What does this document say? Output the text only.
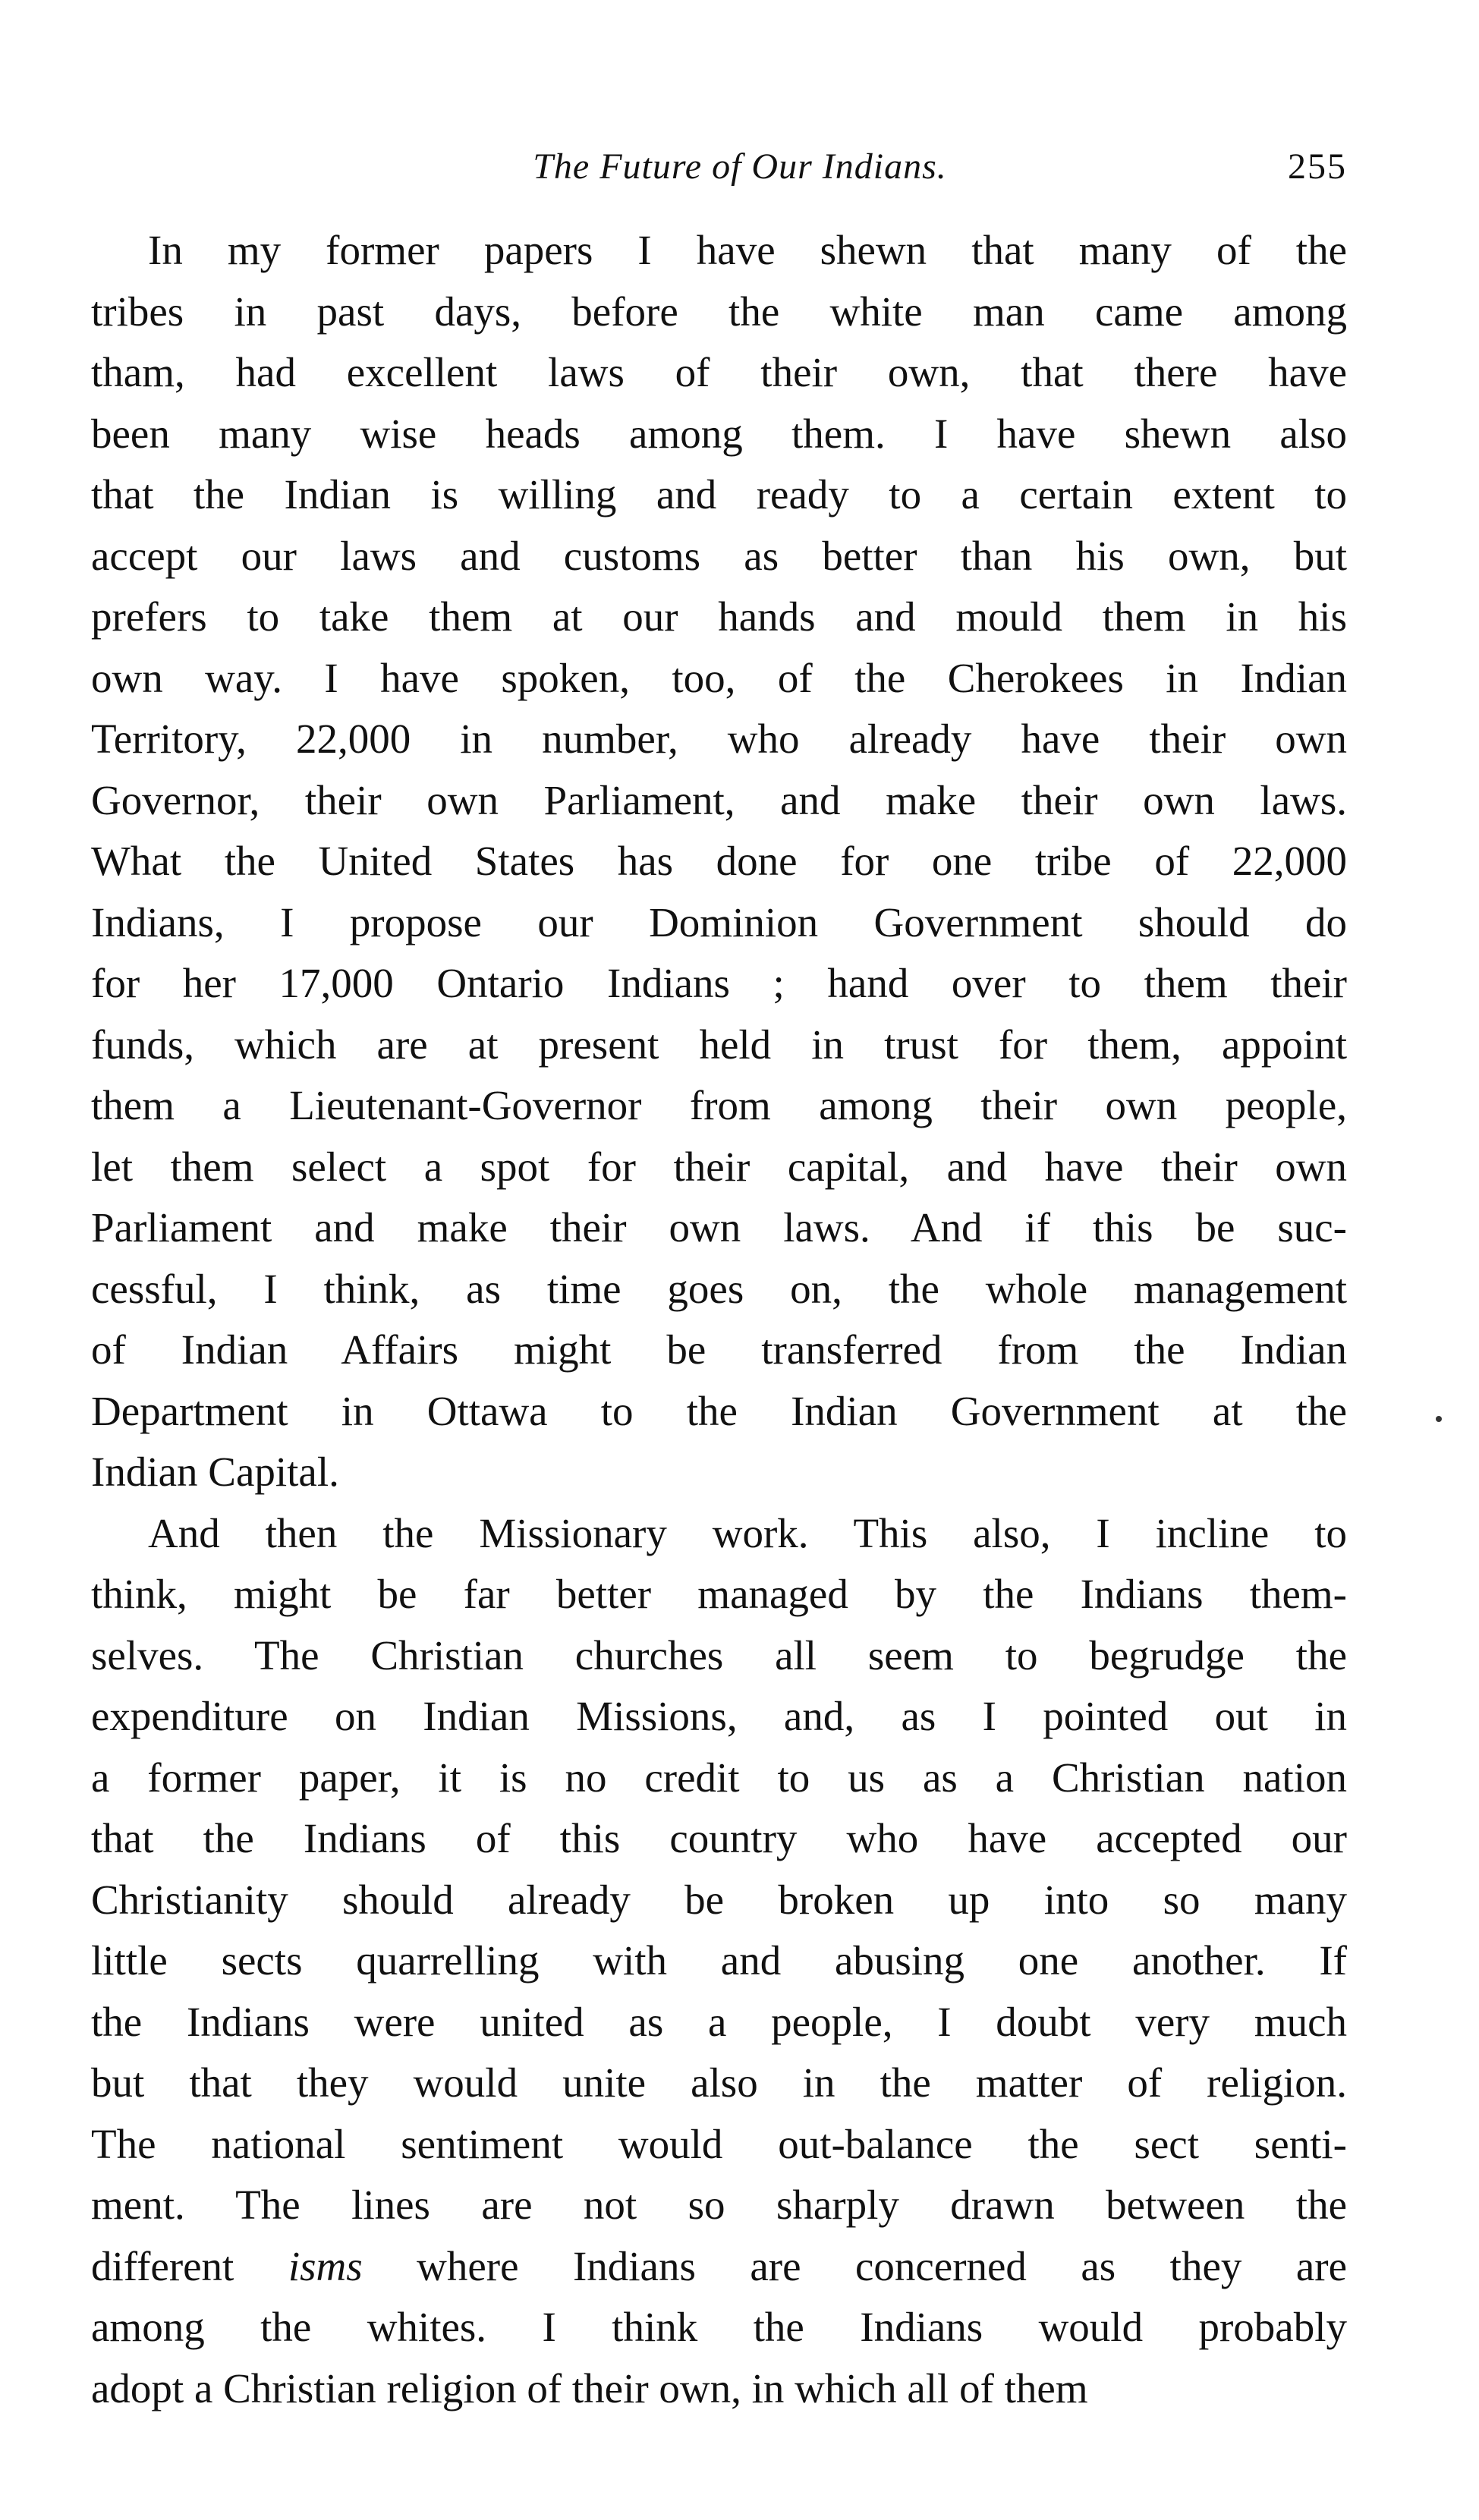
The Future of Our Indians.	255
In my former papers I have shewn that many of the
tribes in past days, before the white man came among
tham, had excellent laws of their own, that there have
been many wise heads among them. I have shewn also
that the Indian is willing and ready to a certain extent to
accept our laws and customs as better than his own, but
prefers to take them at our hands and mould them in his
own way. I have spoken, too, of the Cherokees in Indian
Territory, 22,000 in number, who already have their own
Governor, their own Parliament, and make their own laws.
What the United States has done for one tribe of 22,000
Indians, I propose our Dominion Government should do
for her 17,000 Ontario Indians ; hand over to them their
funds, which are at present held in trust for them, appoint
them a Lieutenant-Governor from among their own people,
let them select a spot for their capital, and have their own
Parliament and make their own laws. And if this be suc-
cessful, I think, as time goes on, the whole management
of Indian Affairs might be transferred from the Indian
Department in Ottawa to the Indian Government at the
Indian Capital.
And then the Missionary work. This also, I incline to
think, might be far better managed by the Indians them-
selves. The Christian churches all seem to begrudge the
expenditure on Indian Missions, and, as I pointed out in
a former paper, it is no credit to us as a Christian nation
that the Indians of this country who have accepted our
Christianity should already be broken up into so many
little sects quarrelling with and abusing one another. If
the Indians were united as a people, I doubt very much
but that they would unite also in the matter of religion.
The national sentiment would out-balance the sect senti-
ment. The lines are not so sharply drawn between the
different isms where Indians are concerned as they are
among the whites. I think the Indians would probably
adopt a Christian religion of their own, in which all of them
